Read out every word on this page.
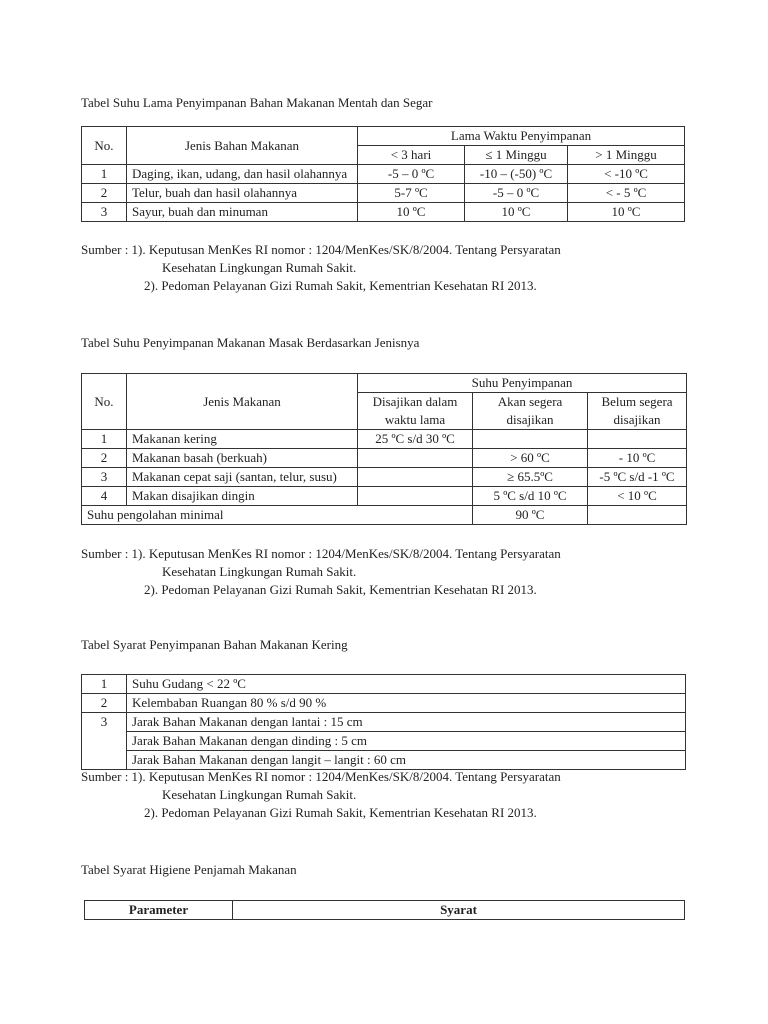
Tabel Suhu Lama Penyimpanan Bahan Makanan Mentah dan Segar
No.	Jenis Bahan Makanan	Lama Waktu Penyimpanan		
		< 3 hari	≤ 1 Minggu	> 1 Minggu
1	Daging, ikan, udang, dan hasil olahannya	-5 – 0 ºC	-10 – (-50) ºC	< -10 ºC
2	Telur, buah dan hasil olahannya	5-7 ºC	-5 – 0 ºC	< - 5 ºC
3	Sayur, buah dan minuman	10 ºC	10 ºC	10 ºC
Sumber : 1). Keputusan MenKes RI nomor : 1204/MenKes/SK/8/2004. Tentang Persyaratan
Kesehatan Lingkungan Rumah Sakit.
2). Pedoman Pelayanan Gizi Rumah Sakit, Kementrian Kesehatan RI 2013.
Tabel Suhu Penyimpanan Makanan Masak Berdasarkan Jenisnya
No.	Jenis Makanan	Suhu Penyimpanan		
		Disajikan dalam waktu lama	Akan segera disajikan	Belum segera disajikan
1	Makanan kering	25 ºC s/d 30 ºC		
2	Makanan basah (berkuah)		> 60 ºC	- 10 ºC
3	Makanan cepat saji (santan, telur, susu)		≥ 65.5ºC	-5 ºC s/d -1 ºC
4	Makan disajikan dingin		5 ºC s/d 10 ºC	< 10 ºC
Suhu pengolahan minimal			90 ºC	
Sumber : 1). Keputusan MenKes RI nomor : 1204/MenKes/SK/8/2004. Tentang Persyaratan
Kesehatan Lingkungan Rumah Sakit.
2). Pedoman Pelayanan Gizi Rumah Sakit, Kementrian Kesehatan RI 2013.
Tabel Syarat Penyimpanan Bahan Makanan Kering
1	Suhu Gudang < 22 ºC
2	Kelembaban Ruangan 80 % s/d 90 %
3	Jarak Bahan Makanan dengan lantai : 15 cm
	Jarak Bahan Makanan dengan dinding : 5 cm
	Jarak Bahan Makanan dengan langit – langit : 60 cm
Sumber : 1). Keputusan MenKes RI nomor : 1204/MenKes/SK/8/2004. Tentang Persyaratan
Kesehatan Lingkungan Rumah Sakit.
2). Pedoman Pelayanan Gizi Rumah Sakit, Kementrian Kesehatan RI 2013.
Tabel Syarat Higiene Penjamah Makanan
Parameter	Syarat
